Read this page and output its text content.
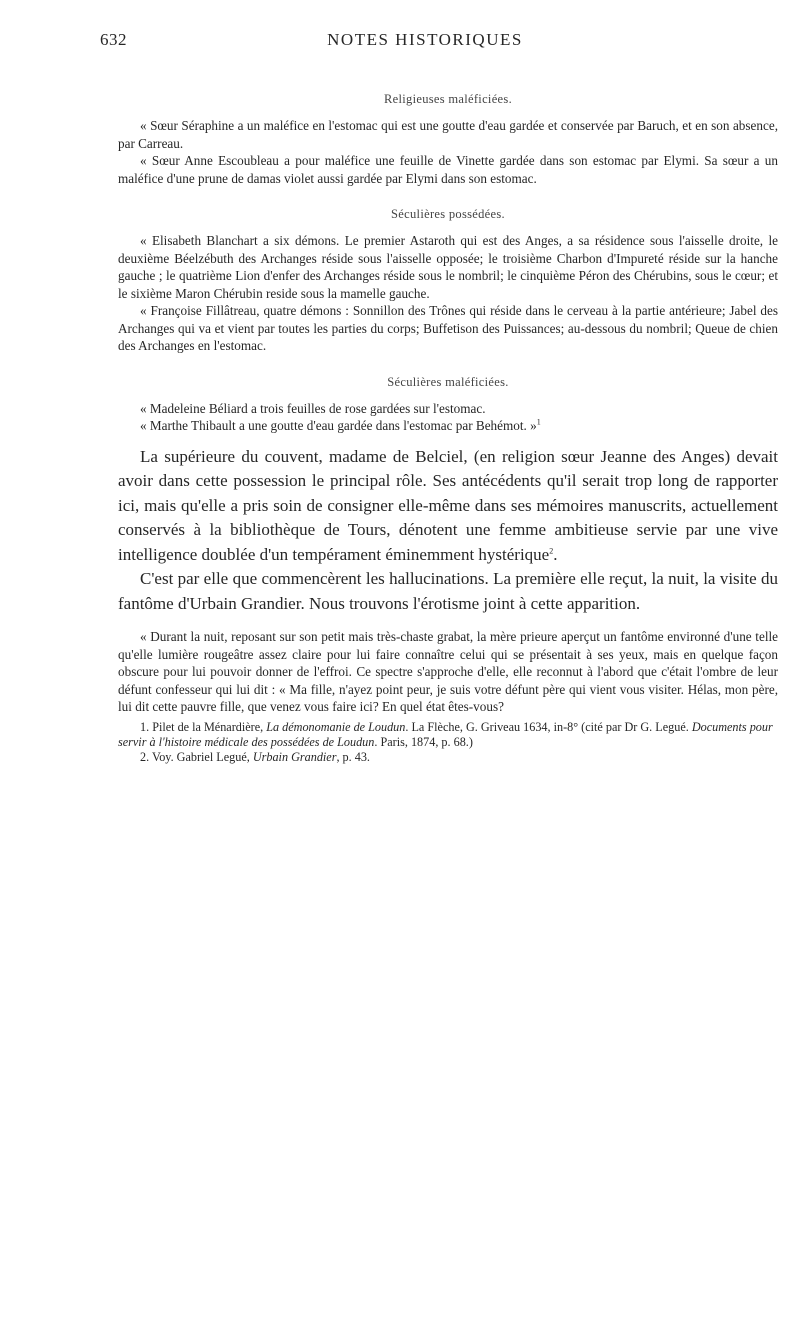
632	NOTES HISTORIQUES

Religieuses maléficiées.

« Sœur Séraphine a un maléfice en l'estomac qui est une goutte d'eau gardée et conservée par Baruch, et en son absence, par Carreau.

« Sœur Anne Escoubleau a pour maléfice une feuille de Vinette gardée dans son estomac par Elymi. Sa sœur a un maléfice d'une prune de damas violet aussi gardée par Elymi dans son estomac.

Séculières possédées.

« Elisabeth Blanchart a six démons. Le premier Astaroth qui est des Anges, a sa résidence sous l'aisselle droite, le deuxième Béelzébuth des Archanges réside sous l'aisselle opposée; le troisième Charbon d'Impureté réside sur la hanche gauche ; le quatrième Lion d'enfer des Archanges réside sous le nombril; le cinquième Péron des Chérubins, sous le cœur; et le sixième Maron Chérubin reside sous la mamelle gauche.

« Françoise Fillâtreau, quatre démons : Sonnillon des Trônes qui réside dans le cerveau à la partie antérieure; Jabel des Archanges qui va et vient par toutes les parties du corps; Buffetison des Puissances; au-dessous du nombril; Queue de chien des Archanges en l'estomac.

Séculières maléficiées.

« Madeleine Béliard a trois feuilles de rose gardées sur l'estomac.

« Marthe Thibault a une goutte d'eau gardée dans l'estomac par Behémot. »$^1$

La supérieure du couvent, madame de Belciel, (en religion sœur Jeanne des Anges) devait avoir dans cette possession le principal rôle. Ses antécédents qu'il serait trop long de rapporter ici, mais qu'elle a pris soin de consigner elle-même dans ses mémoires manuscrits, actuellement conservés à la bibliothèque de Tours, dénotent une femme ambitieuse servie par une vive intelligence doublée d'un tempérament éminemment hystérique$^2$.

C'est par elle que commencèrent les hallucinations. La première elle reçut, la nuit, la visite du fantôme d'Urbain Grandier. Nous trouvons l'érotisme joint à cette apparition.

« Durant la nuit, reposant sur son petit mais très-chaste grabat, la mère prieure aperçut un fantôme environné d'une telle qu'elle lumière rougeâtre assez claire pour lui faire connaître celui qui se présentait à ses yeux, mais en quelque façon obscure pour lui pouvoir donner de l'effroi. Ce spectre s'approche d'elle, elle reconnut à l'abord que c'était l'ombre de leur défunt confesseur qui lui dit : « Ma fille, n'ayez point peur, je suis votre défunt père qui vient vous visiter. Hélas, mon père, lui dit cette pauvre fille, que venez vous faire ici? En quel état êtes-vous?

1. Pilet de la Ménardière, La démonomanie de Loudun. La Flèche, G. Griveau 1634, in-8° (cité par Dr G. Legué. Documents pour servir à l'histoire médicale des possédées de Loudun. Paris, 1874, p. 68.)

2. Voy. Gabriel Legué, Urbain Grandier, p. 43.
